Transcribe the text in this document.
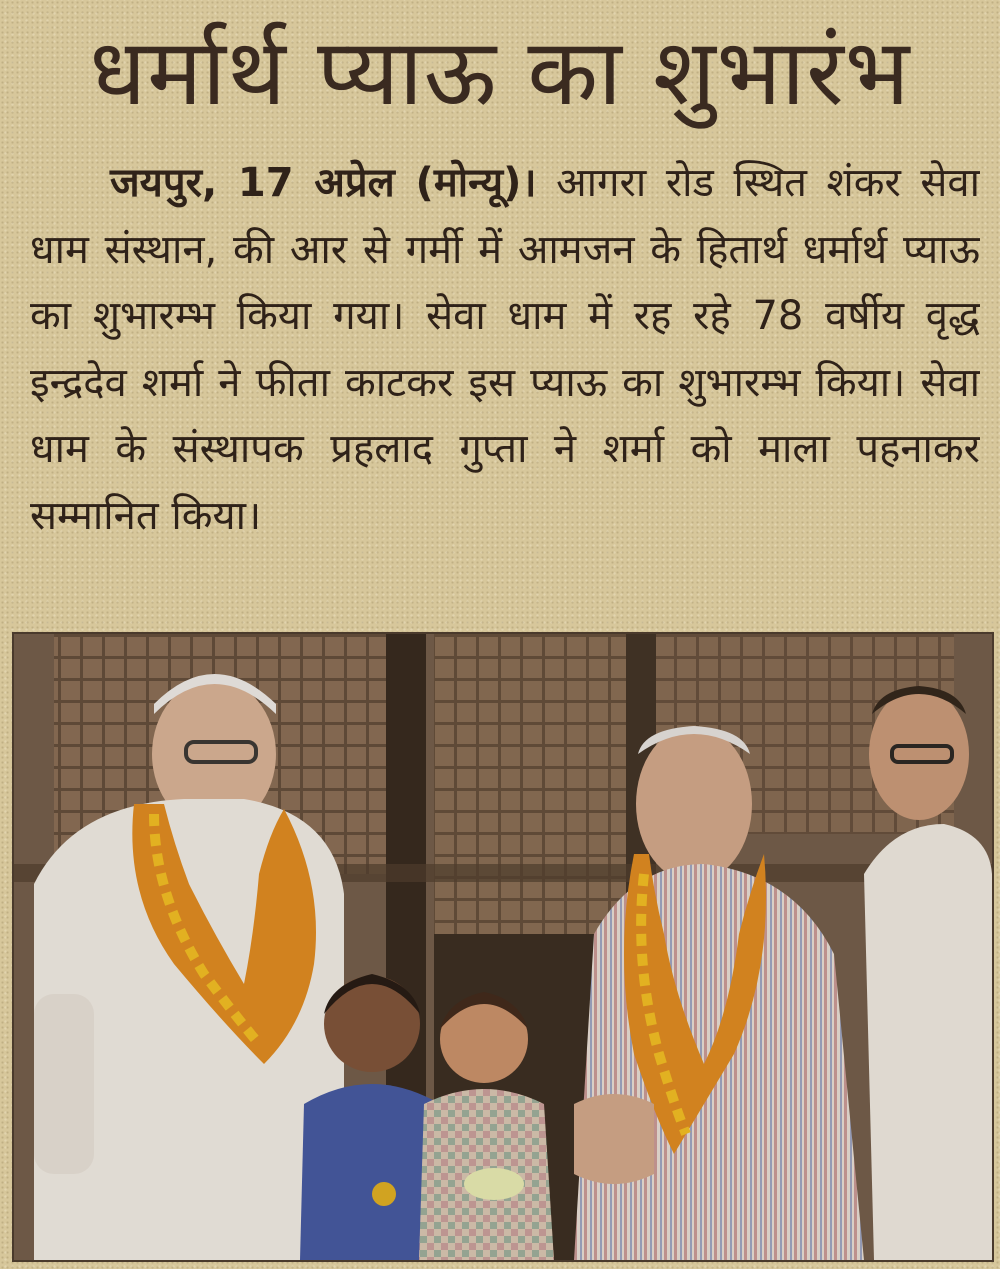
धर्मार्थ प्याऊ का शुभारंभ

जयपुर, 17 अप्रेल (मोन्यू)। आगरा रोड स्थित शंकर सेवा धाम संस्थान, की आर से गर्मी में आमजन के हितार्थ धर्मार्थ प्याऊ का शुभारम्भ किया गया। सेवा धाम में रह रहे 78 वर्षीय वृद्ध इन्द्रदेव शर्मा ने फीता काटकर इस प्याऊ का शुभारम्भ किया। सेवा धाम के संस्थापक प्रहलाद गुप्ता ने शर्मा को माला पहनाकर सम्मानित किया।
